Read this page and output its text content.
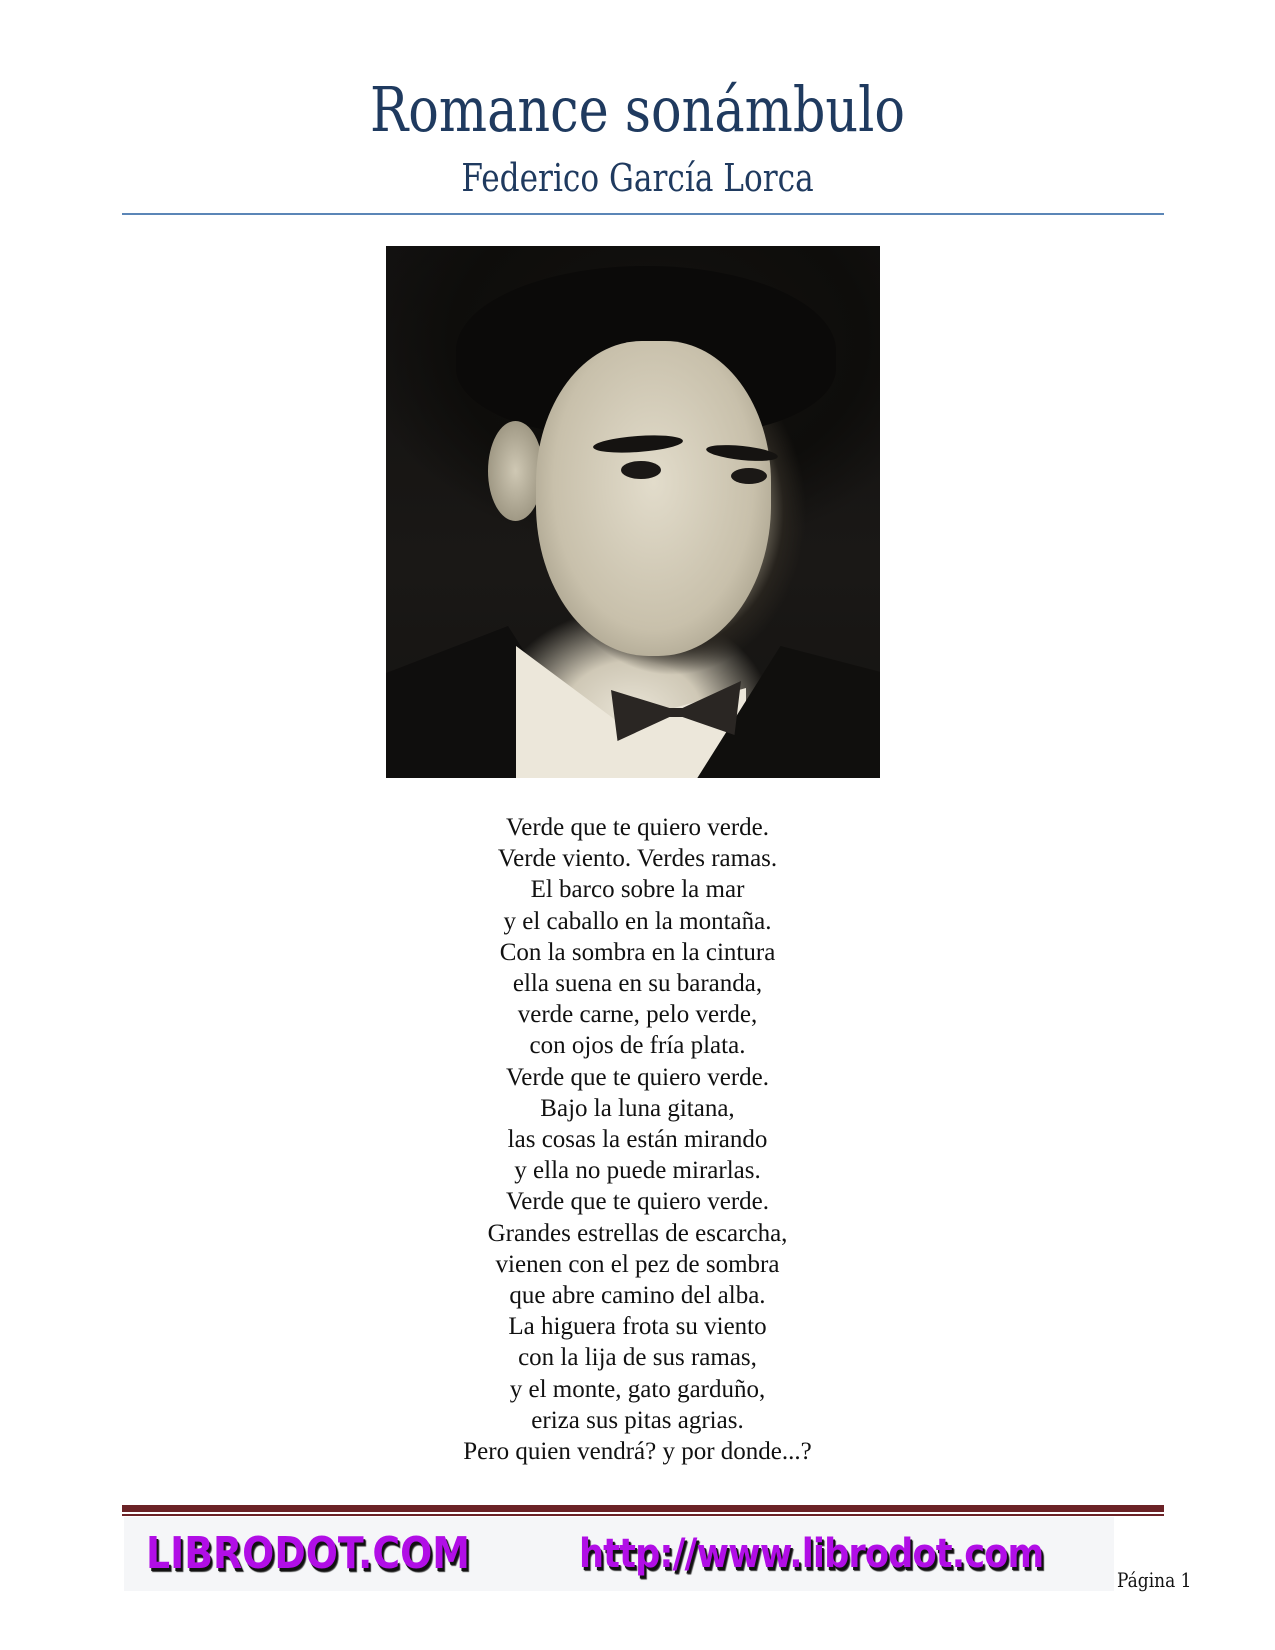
Romance sonámbulo
Federico García Lorca
Verde que te quiero verde.
Verde viento. Verdes ramas.
El barco sobre la mar
y el caballo en la montaña.
Con la sombra en la cintura
ella suena en su baranda,
verde carne, pelo verde,
con ojos de fría plata.
Verde que te quiero verde.
Bajo la luna gitana,
las cosas la están mirando
y ella no puede mirarlas.
Verde que te quiero verde.
Grandes estrellas de escarcha,
vienen con el pez de sombra
que abre camino del alba.
La higuera frota su viento
con la lija de sus ramas,
y el monte, gato garduño,
eriza sus pitas agrias.
Pero quien vendrá? y por donde...?
LIBRODOT.COM	http://www.librodot.com
Página 1
